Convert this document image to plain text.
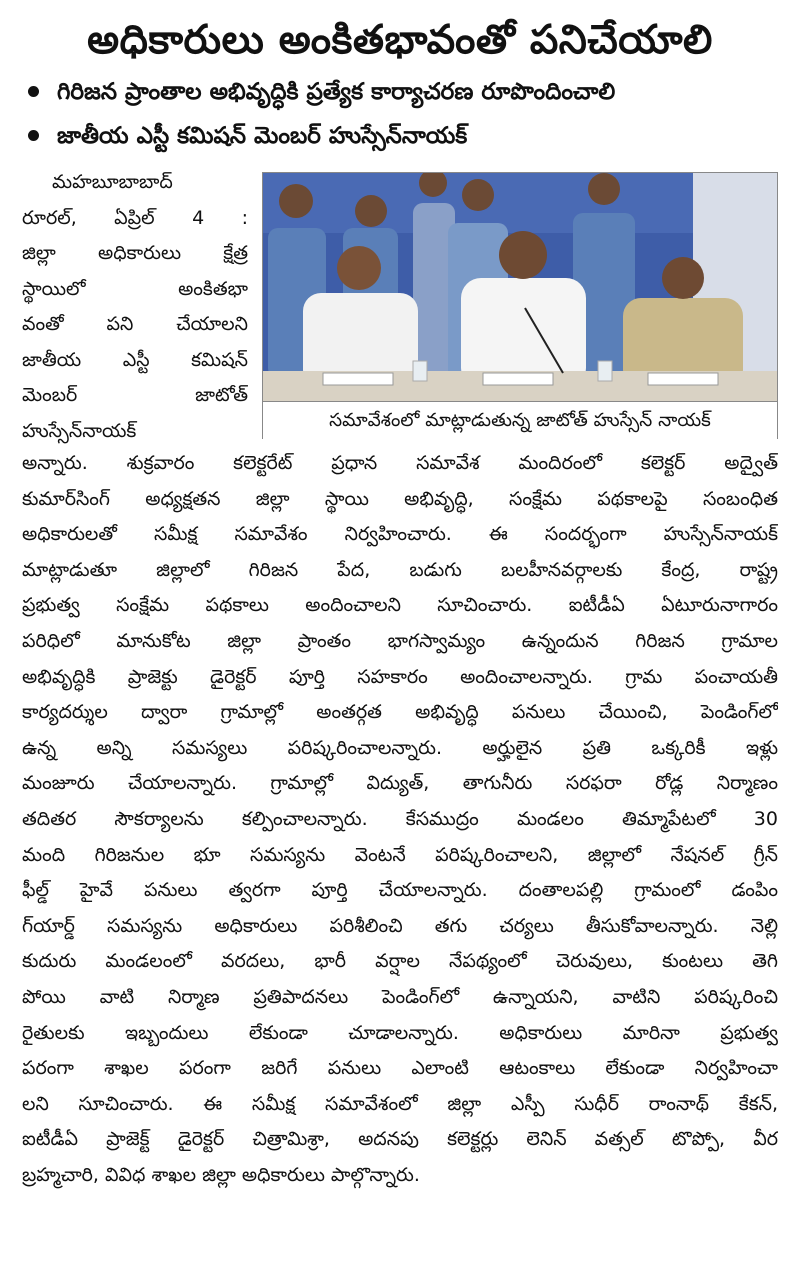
అధికారులు అంకితభావంతో పనిచేయాలి
గిరిజన ప్రాంతాల అభివృద్ధికి ప్రత్యేక కార్యాచరణ రూపొందించాలి
జాతీయ ఎస్టీ కమిషన్ మెంబర్ హుస్సేన్‌నాయక్
మహబూబాబాద్
రూరల్, ఏప్రిల్ 4 :
జిల్లా అధికారులు క్షేత్ర
స్థాయిలో అంకితభా
వంతో పని చేయాలని
జాతీయ ఎస్టీ కమిషన్
మెంబర్ జాటోత్
హుస్సేన్‌నాయక్	సమావేశంలో మాట్లాడుతున్న జాటోత్ హుస్సేన్ నాయక్
అన్నారు. శుక్రవారం కలెక్టరేట్ ప్రధాన సమావేశ మందిరంలో కలెక్టర్ అద్వైత్
కుమార్‌సింగ్ అధ్యక్షతన జిల్లా స్థాయి అభివృద్ధి, సంక్షేమ పథకాలపై సంబంధిత
అధికారులతో సమీక్ష సమావేశం నిర్వహించారు. ఈ సందర్భంగా హుస్సేన్‌నాయక్
మాట్లాడుతూ జిల్లాలో గిరిజన పేద, బడుగు బలహీనవర్గాలకు కేంద్ర, రాష్ట్ర
ప్రభుత్వ సంక్షేమ పథకాలు అందించాలని సూచించారు. ఐటీడీఏ ఏటూరునాగారం
పరిధిలో మానుకోట జిల్లా ప్రాంతం భాగస్వామ్యం ఉన్నందున గిరిజన గ్రామాల
అభివృద్ధికి ప్రాజెక్టు డైరెక్టర్ పూర్తి సహకారం అందించాలన్నారు. గ్రామ పంచాయతీ
కార్యదర్శుల ద్వారా గ్రామాల్లో అంతర్గత అభివృద్ధి పనులు చేయించి, పెండింగ్‌లో
ఉన్న అన్ని సమస్యలు పరిష్కరించాలన్నారు. అర్హులైన ప్రతి ఒక్కరికీ ఇళ్లు
మంజూరు చేయాలన్నారు. గ్రామాల్లో విద్యుత్, తాగునీరు సరఫరా రోడ్ల నిర్మాణం
తదితర సౌకర్యాలను కల్పించాలన్నారు. కేసముద్రం మండలం తిమ్మాపేటలో 30
మంది గిరిజనుల భూ సమస్యను వెంటనే పరిష్కరించాలని, జిల్లాలో నేషనల్ గ్రీన్
ఫీల్డ్ హైవే పనులు త్వరగా పూర్తి చేయాలన్నారు. దంతాలపల్లి గ్రామంలో డంపిం
గ్‌యార్డ్ సమస్యను అధికారులు పరిశీలించి తగు చర్యలు తీసుకోవాలన్నారు. నెల్లి
కుదురు మండలంలో వరదలు, భారీ వర్షాల నేపథ్యంలో చెరువులు, కుంటలు తెగి
పోయి వాటి నిర్మాణ ప్రతిపాదనలు పెండింగ్‌లో ఉన్నాయని, వాటిని పరిష్కరించి
రైతులకు ఇబ్బందులు లేకుండా చూడాలన్నారు. అధికారులు మారినా ప్రభుత్వ
పరంగా శాఖల పరంగా జరిగే పనులు ఎలాంటి ఆటంకాలు లేకుండా నిర్వహించా
లని సూచించారు. ఈ సమీక్ష సమావేశంలో జిల్లా ఎస్పీ సుధీర్ రాంనాథ్ కేకన్,
ఐటీడీఏ ప్రాజెక్ట్ డైరెక్టర్ చిత్రామిశ్రా, అదనపు కలెక్టర్లు లెనిన్ వత్సల్ టొప్పో, వీర
బ్రహ్మచారి, వివిధ శాఖల జిల్లా అధికారులు పాల్గొన్నారు.
